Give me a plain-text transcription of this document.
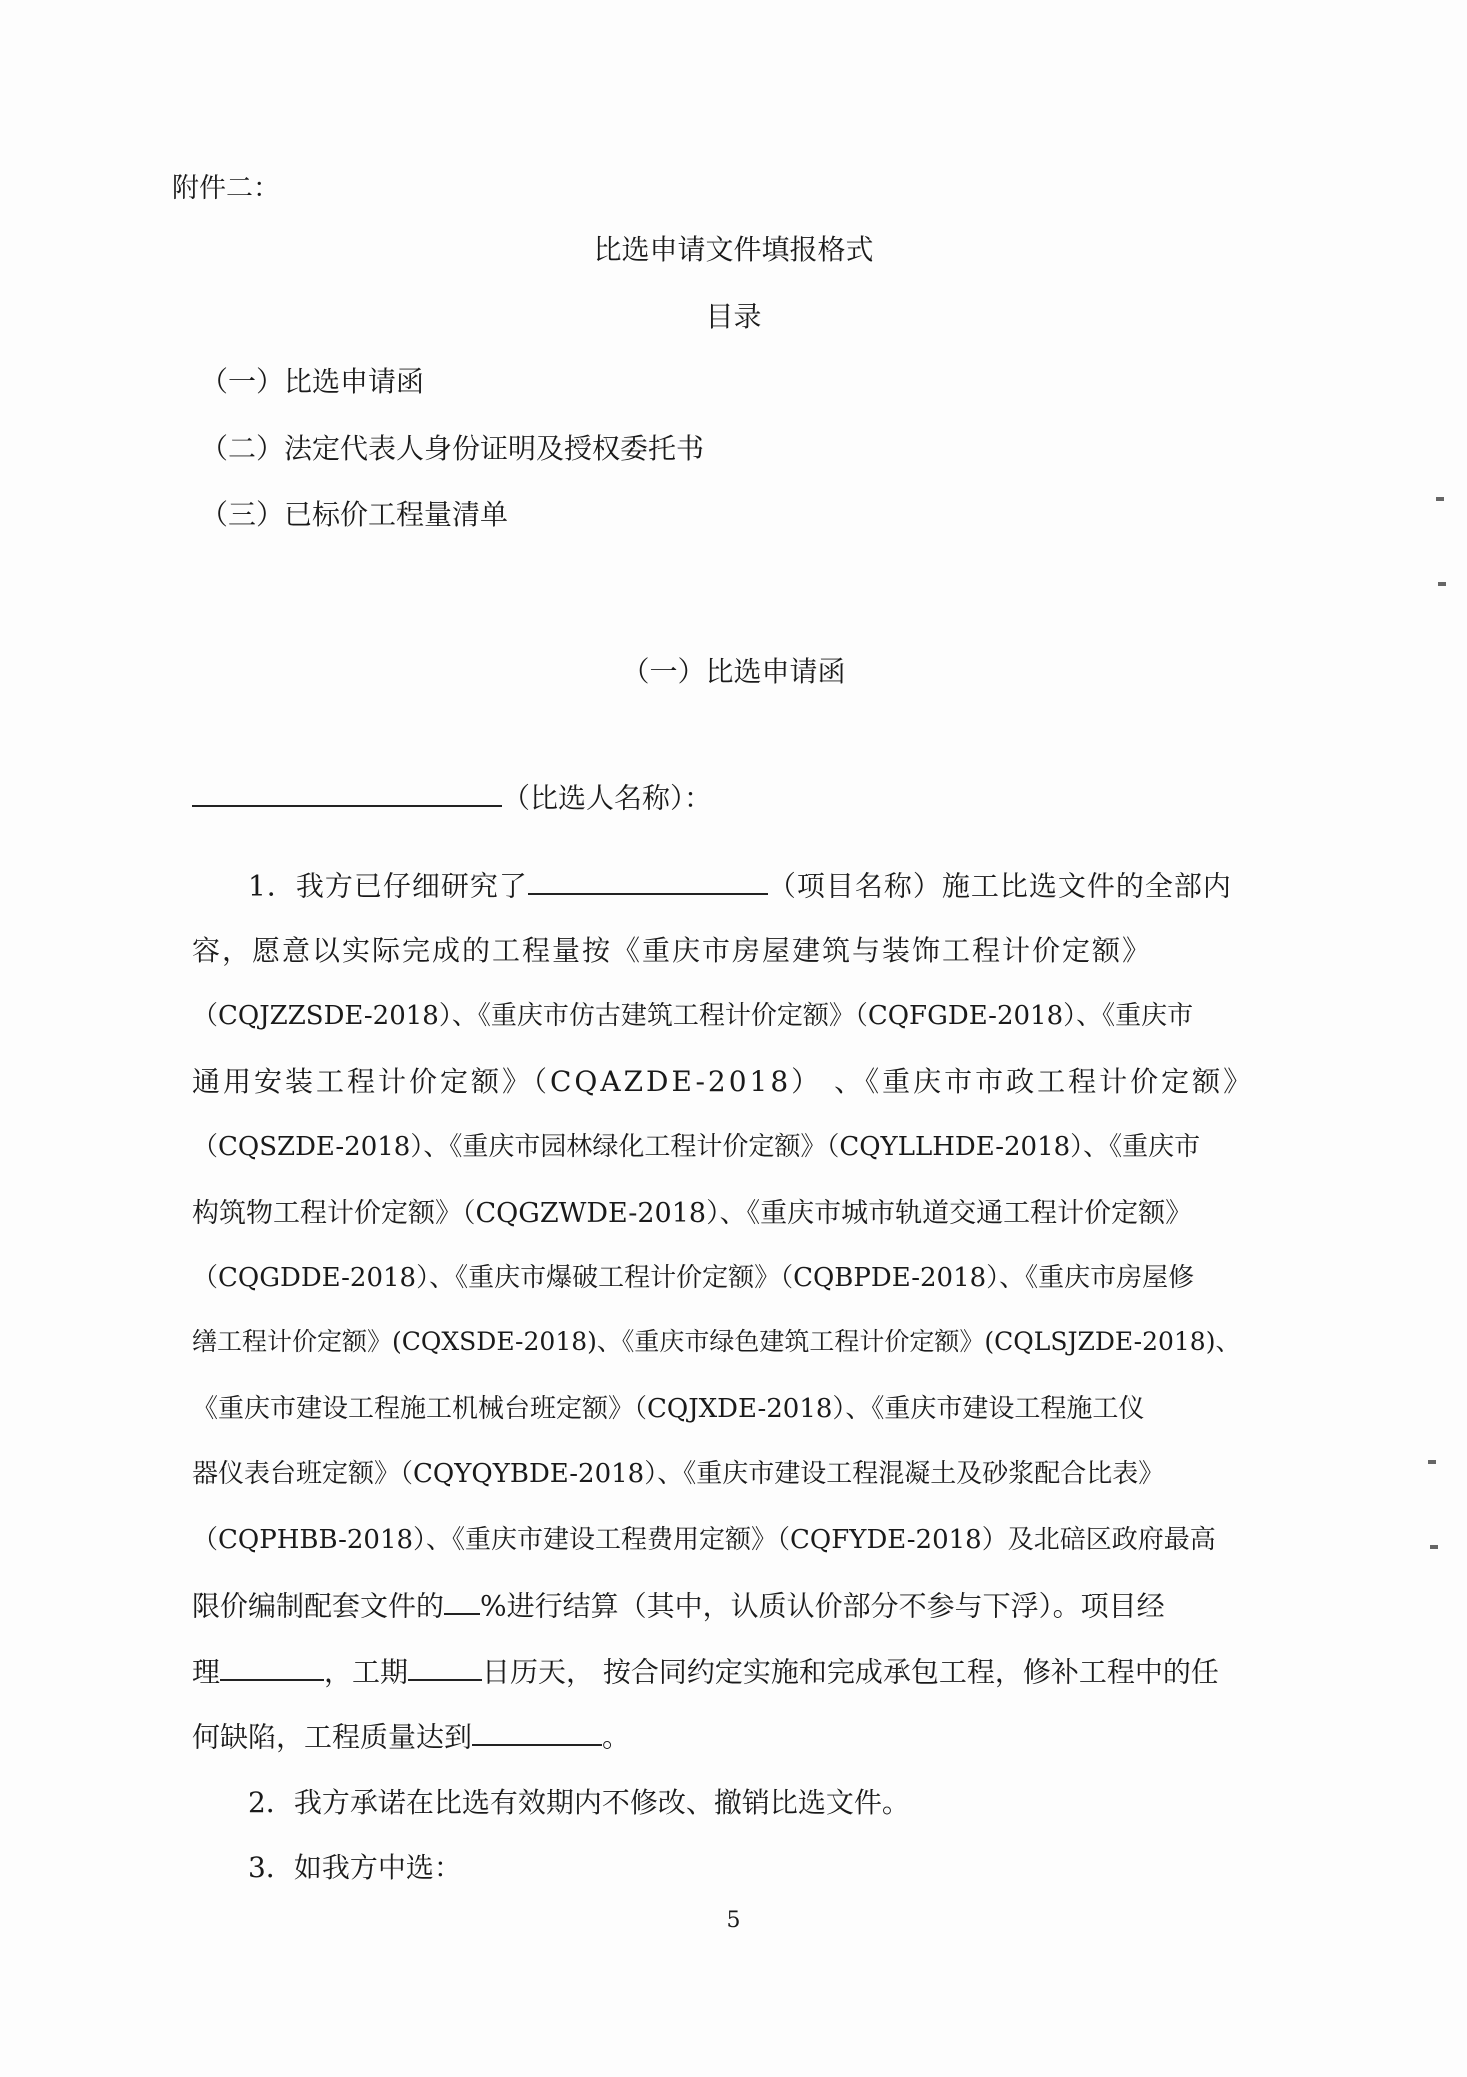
附件二：
比选申请文件填报格式
目录
（一）比选申请函
（二）法定代表人身份证明及授权委托书
（三）已标价工程量清单
（一）比选申请函
（比选人名称）：
1．我方已仔细研究了	（项目名称）施工比选文件的全部内
容，愿意以实际完成的工程量按《重庆市房屋建筑与装饰工程计价定额》
（CQJZZSDE-2018）、《重庆市仿古建筑工程计价定额》（CQFGDE-2018）、《重庆市
通用安装工程计价定额》（CQAZDE-2018） 、《重庆市市政工程计价定额》
（CQSZDE-2018）、《重庆市园林绿化工程计价定额》（CQYLLHDE-2018）、《重庆市
构筑物工程计价定额》（CQGZWDE-2018）、《重庆市城市轨道交通工程计价定额》
（CQGDDE-2018）、《重庆市爆破工程计价定额》（CQBPDE-2018）、《重庆市房屋修
缮工程计价定额》(CQXSDE-2018)、《重庆市绿色建筑工程计价定额》(CQLSJZDE-2018)、
《重庆市建设工程施工机械台班定额》（CQJXDE-2018）、《重庆市建设工程施工仪
器仪表台班定额》（CQYQYBDE-2018）、《重庆市建设工程混凝土及砂浆配合比表》
（CQPHBB-2018）、《重庆市建设工程费用定额》（CQFYDE-2018）及北碚区政府最高
限价编制配套文件的 %进行结算（其中，认质认价部分不参与下浮）。项目经
理	，工期	日历天， 按合同约定实施和完成承包工程，修补工程中的任
何缺陷，工程质量达到	。
2．我方承诺在比选有效期内不修改、撤销比选文件。
3．如我方中选：
5
